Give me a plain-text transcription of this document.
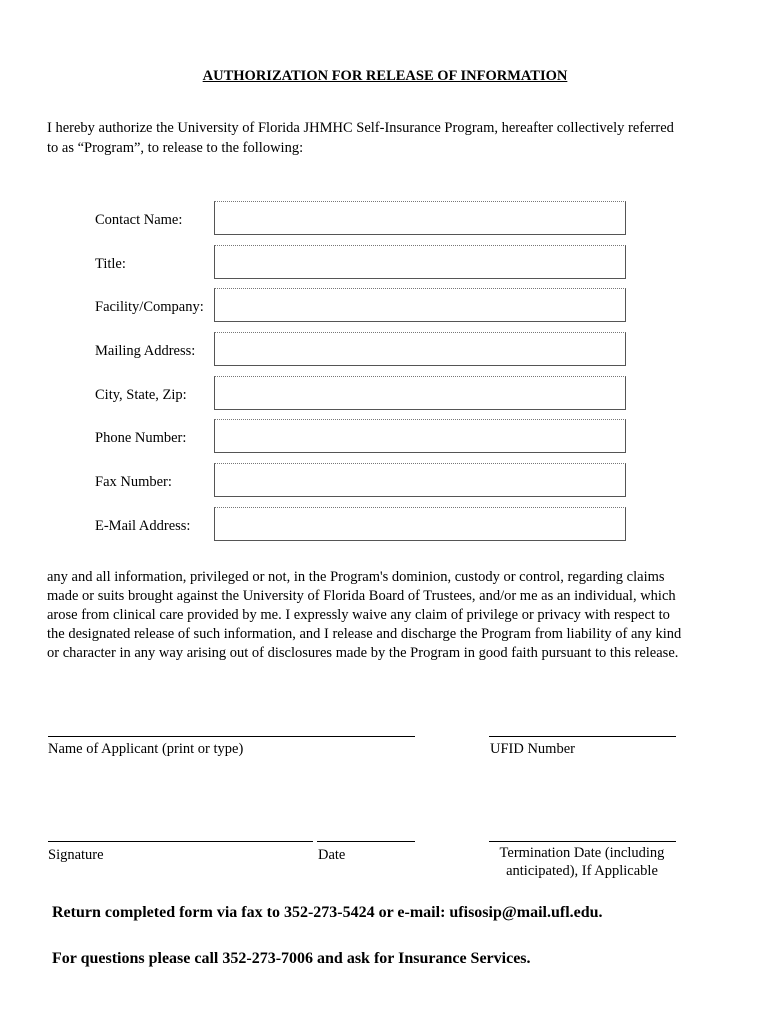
AUTHORIZATION FOR RELEASE OF INFORMATION
I hereby authorize the University of Florida JHMHC Self-Insurance Program, hereafter collectively referred
to as “Program”, to release to the following:
Contact Name:
Title:
Facility/Company:
Mailing Address:
City, State, Zip:
Phone Number:
Fax Number:
E-Mail Address:
any and all information, privileged or not, in the Program's dominion, custody or control, regarding claims
made or suits brought against the University of Florida Board of Trustees, and/or me as an individual, which
arose from clinical care provided by me. I expressly waive any claim of privilege or privacy with respect to
the designated release of such information, and I release and discharge the Program from liability of any kind
or character in any way arising out of disclosures made by the Program in good faith pursuant to this release.
Name of Applicant (print or type)	UFID Number
Signature	Date	Termination Date (including
anticipated), If Applicable
Return completed form via fax to 352-273-5424 or e-mail: ufisosip@mail.ufl.edu.
For questions please call 352-273-7006 and ask for Insurance Services.
